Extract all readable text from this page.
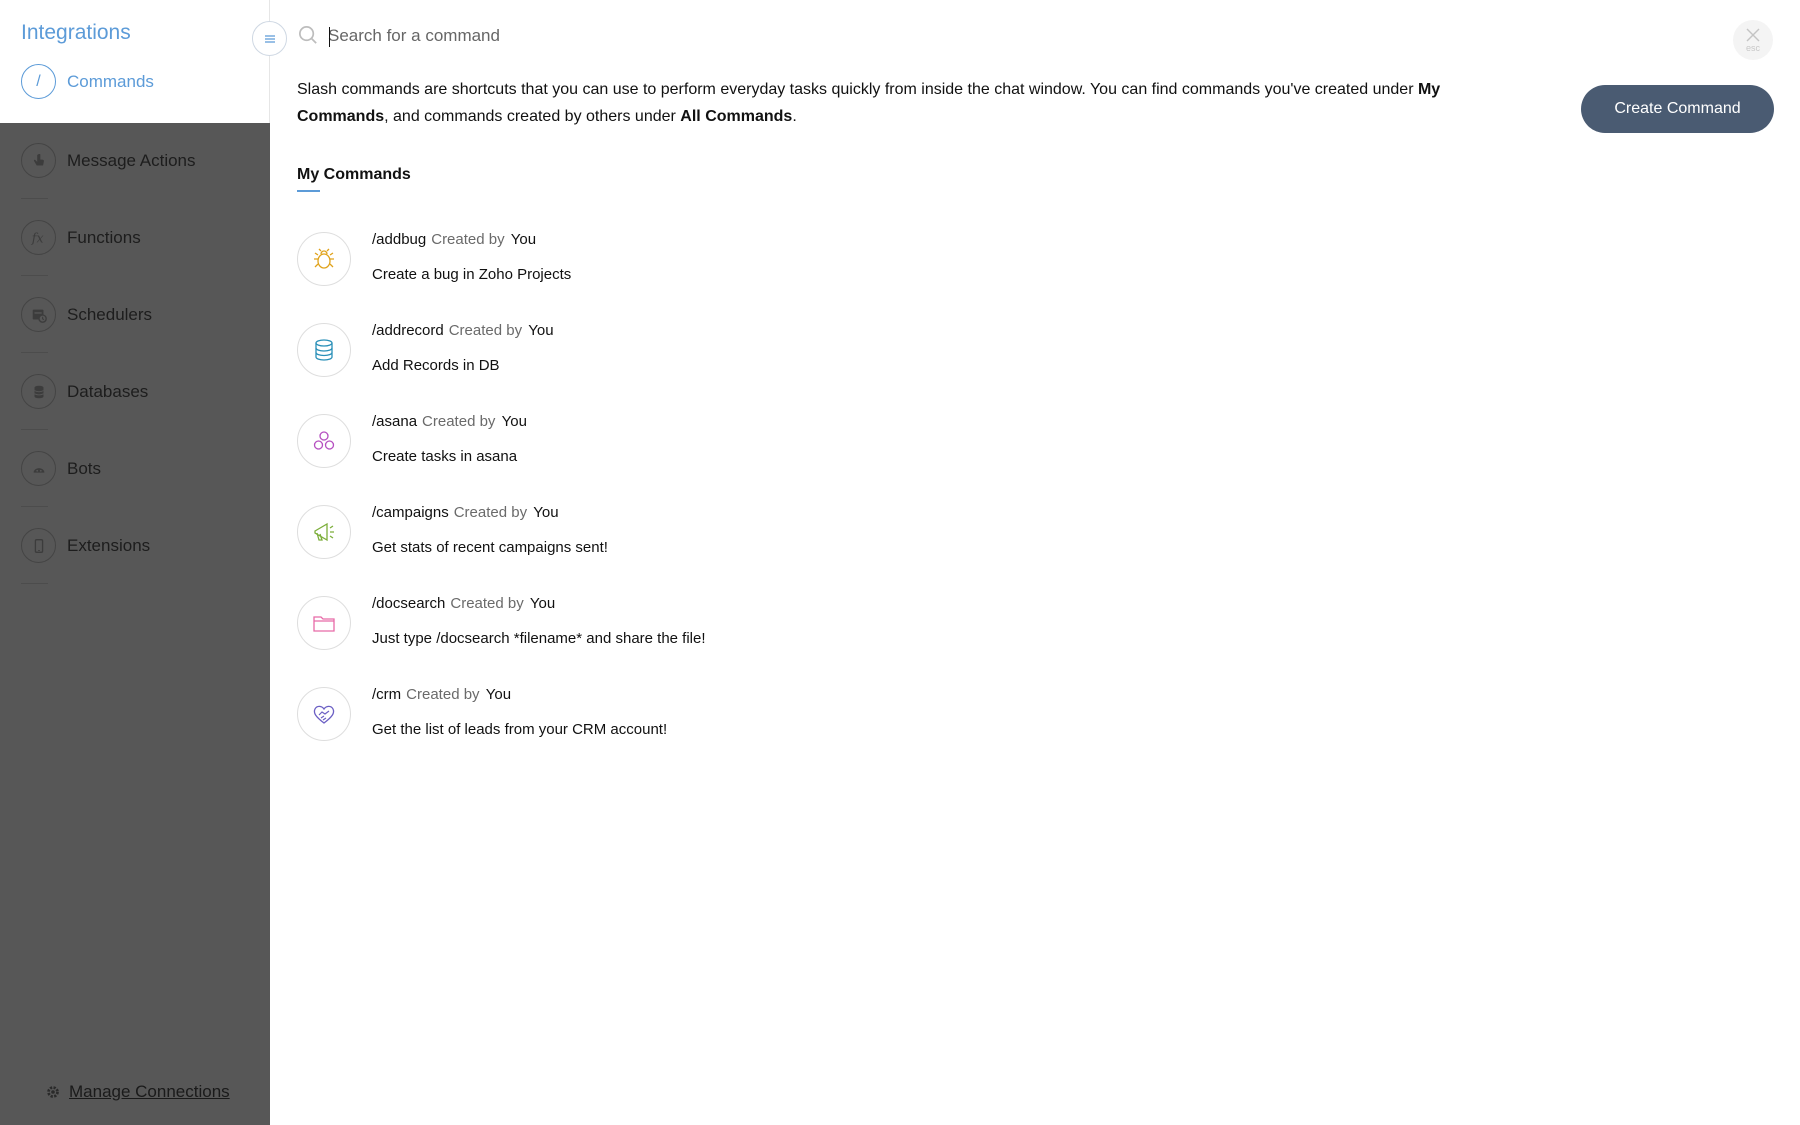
Integrations
/	Commands
Message Actions
fx Functions
Schedulers
Databases
Bots
Extensions
Manage Connections
Search for a command
esc
Slash commands are shortcuts that you can use to perform everyday tasks quickly from inside the chat window. You can find commands you've created under My Commands, and commands created by others under All Commands.	Create Command
My Commands
/addbug Created by You
Create a bug in Zoho Projects
/addrecord Created by You
Add Records in DB
/asana Created by You
Create tasks in asana
/campaigns Created by You
Get stats of recent campaigns sent!
/docsearch Created by You
Just type /docsearch *filename* and share the file!
/crm Created by You
Get the list of leads from your CRM account!
